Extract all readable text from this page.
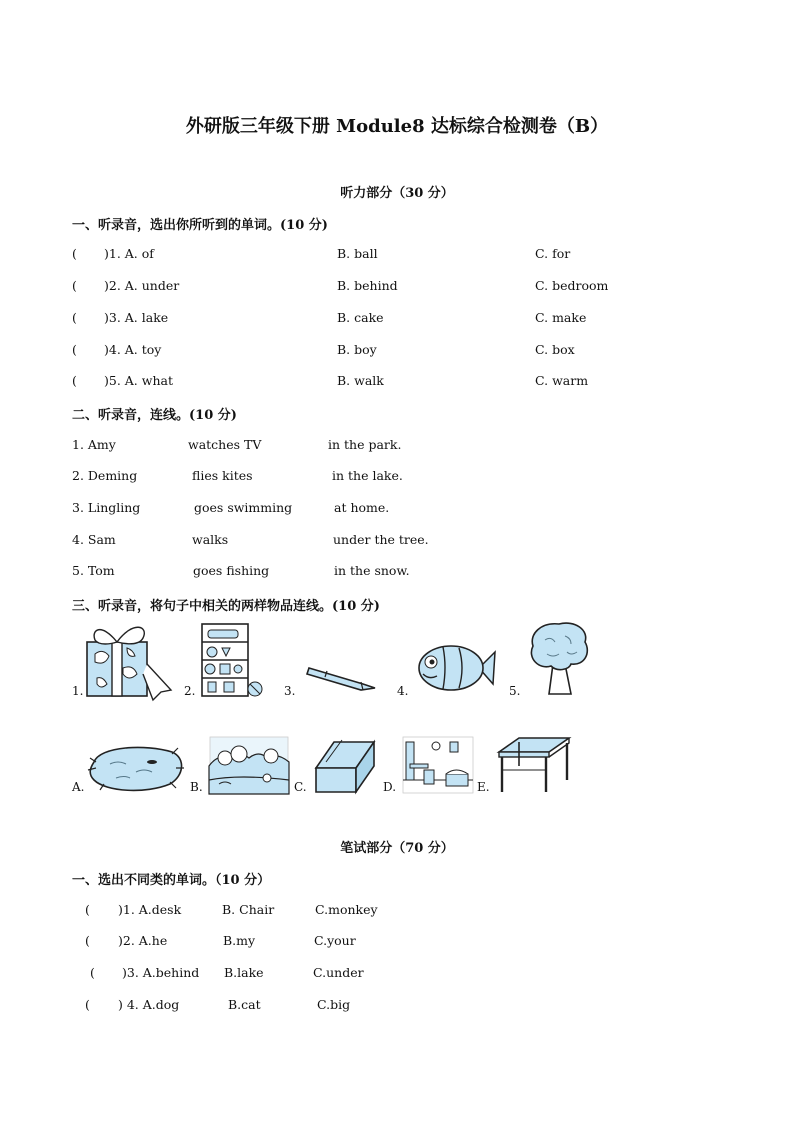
外研版三年级下册 Module8 达标综合检测卷（B）
听力部分（30 分）
一、听录音，选出你所听到的单词。(10 分)
( )1. A. of	B. ball	C. for
( )2. A. under	B. behind	C. bedroom
( )3. A. lake	B. cake	C. make
( )4. A. toy	B. boy	C. box
( )5. A. what	B. walk	C. warm
二、听录音，连线。(10 分)
1. Amy	watches TV	in the park.
2. Deming	flies kites	in the lake.
3. Lingling	goes swimming	at home.
4. Sam	walks	under the tree.
5. Tom	goes fishing	in the snow.
三、听录音，将句子中相关的两样物品连线。(10 分)
1.	2.	3.	4.	5.
A.	B.	C.	D.	E.
笔试部分（70 分）
一、选出不同类的单词。（10 分）
( )1. A.desk	B. Chair	C.monkey
( )2. A.he	B.my	C.your
( )3. A.behind B.lake	C.under
( ) 4. A.dog	B.cat	C.big
